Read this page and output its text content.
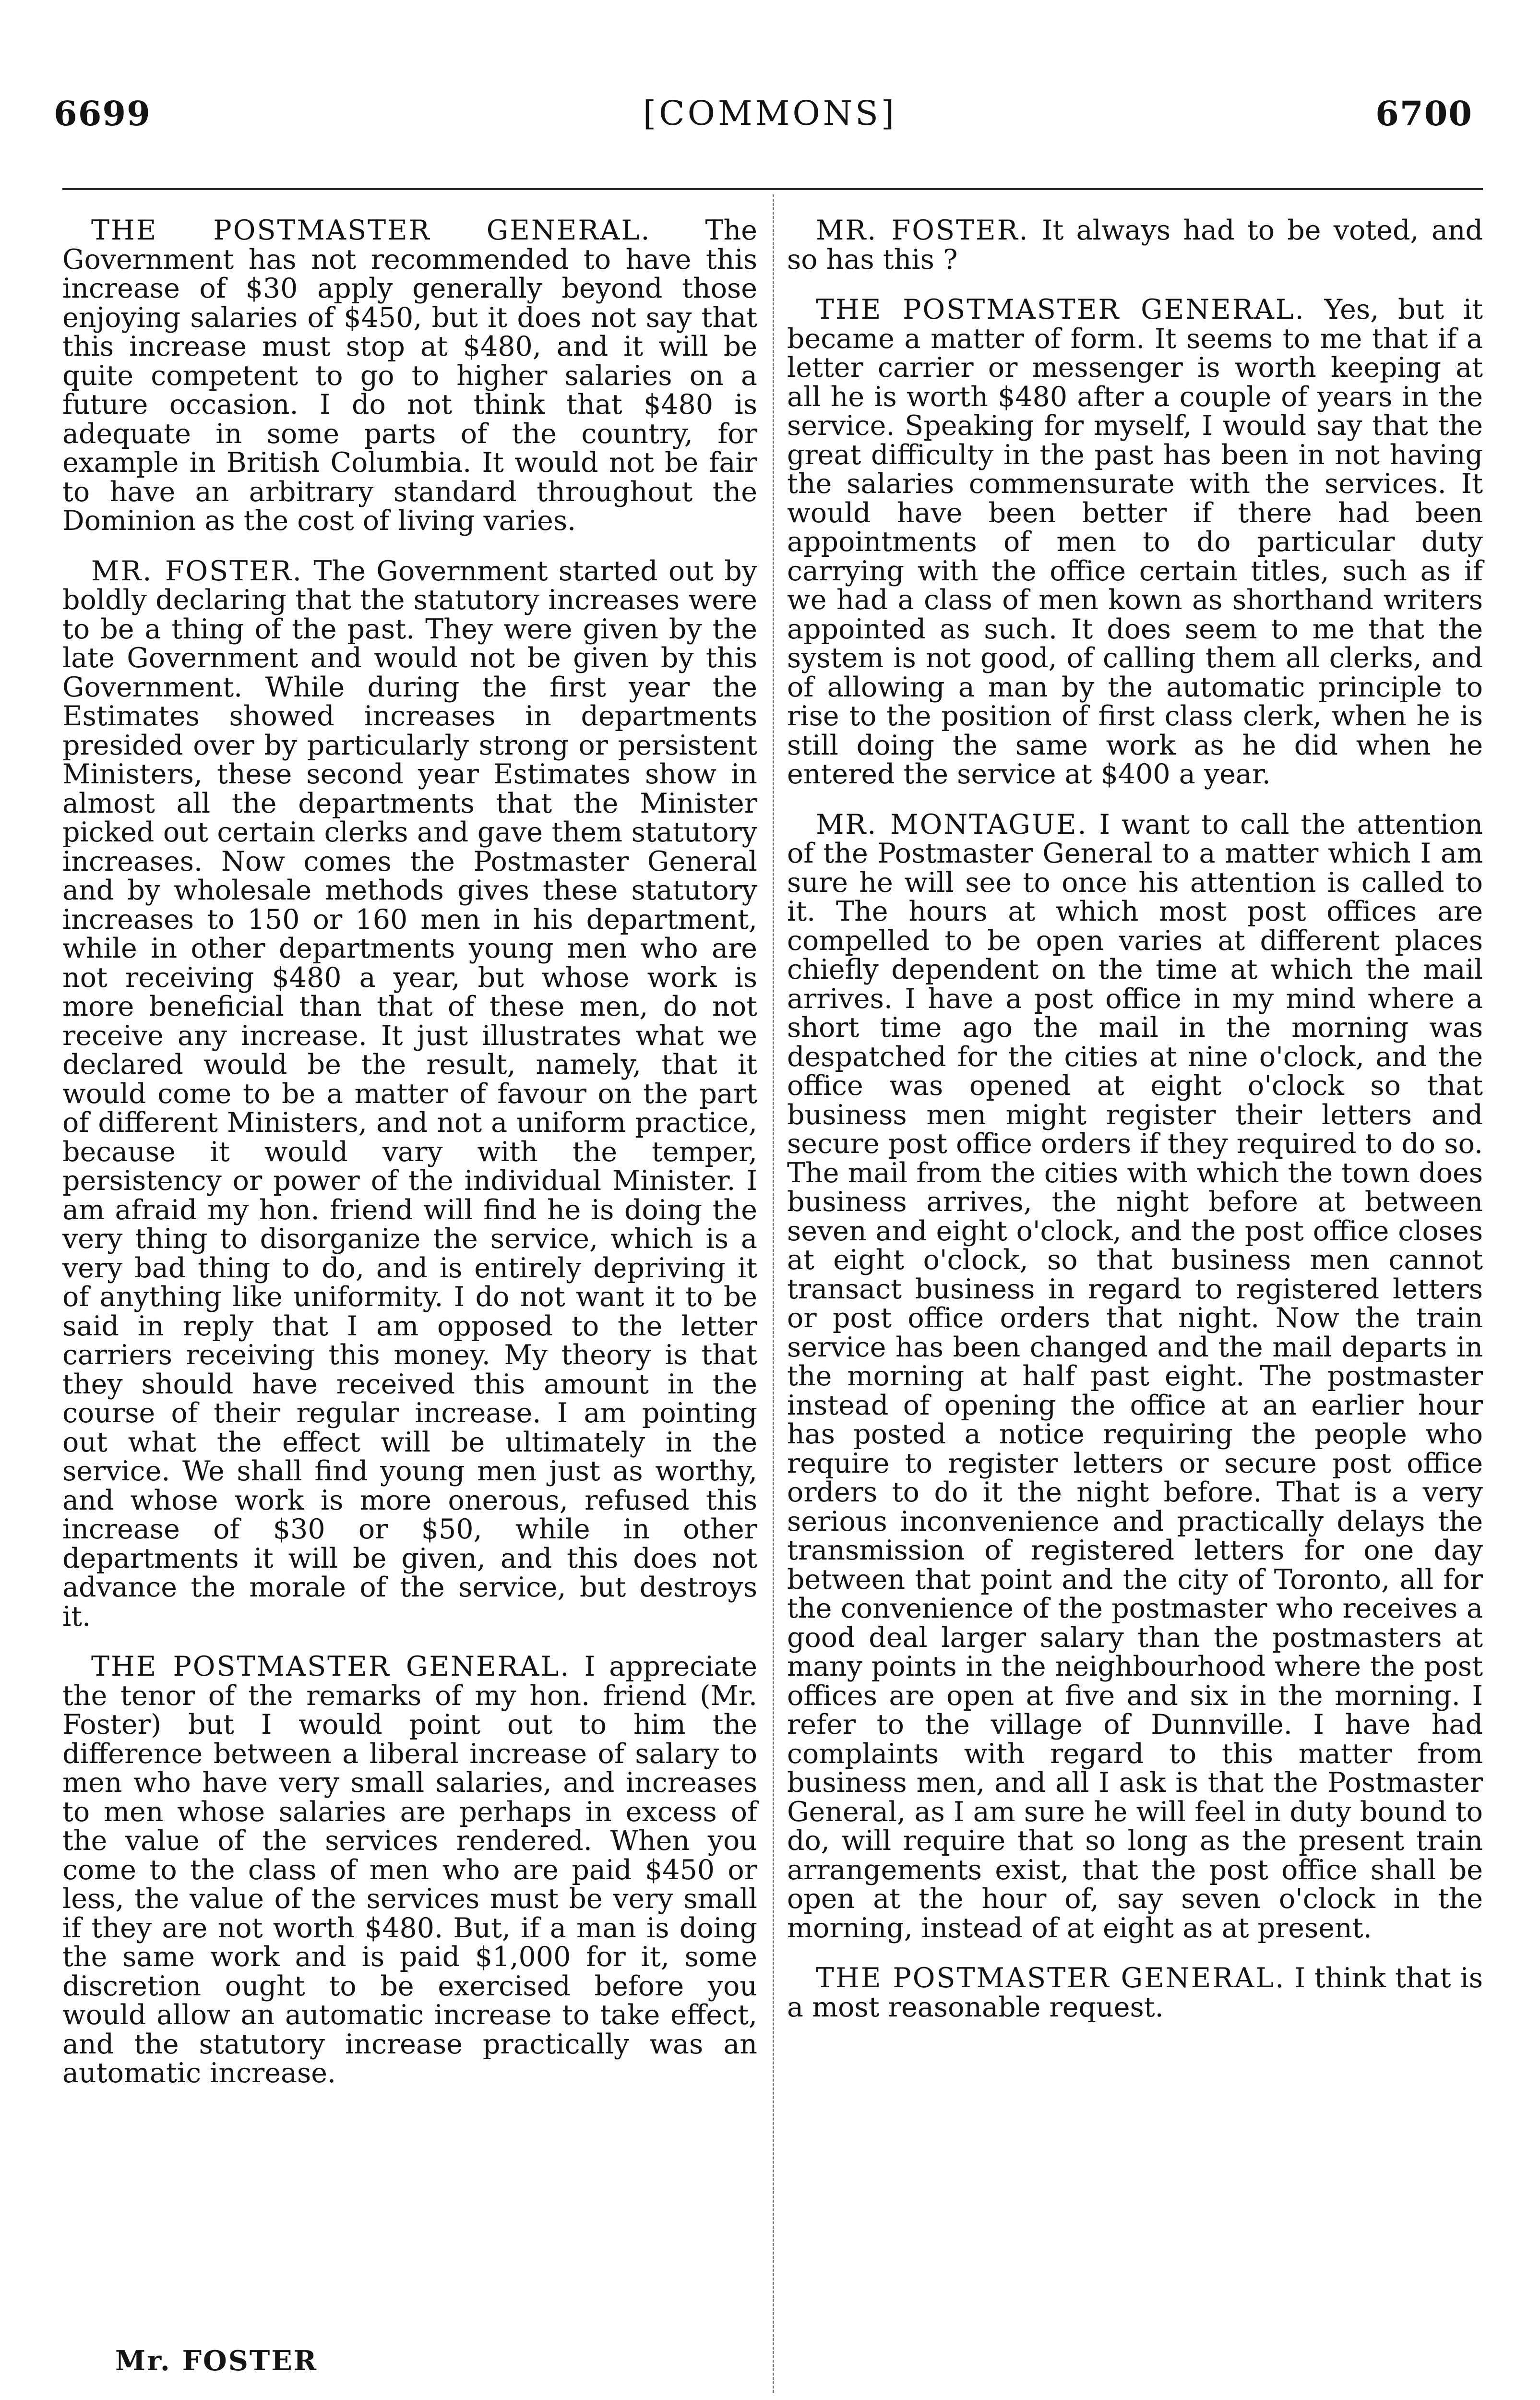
6699	[COMMONS]	6700

THE POSTMASTER GENERAL. The Government has not recommended to have this increase of $30 apply generally beyond those enjoying salaries of $450, but it does not say that this increase must stop at $480, and it will be quite competent to go to higher salaries on a future occasion. I do not think that $480 is adequate in some parts of the country, for example in British Columbia. It would not be fair to have an arbitrary standard throughout the Dominion as the cost of living varies.

MR. FOSTER. The Government started out by boldly declaring that the statutory increases were to be a thing of the past. They were given by the late Government and would not be given by this Government. While during the first year the Estimates showed increases in departments presided over by particularly strong or persistent Ministers, these second year Estimates show in almost all the departments that the Minister picked out certain clerks and gave them statutory increases. Now comes the Postmaster General and by wholesale methods gives these statutory increases to 150 or 160 men in his department, while in other departments young men who are not receiving $480 a year, but whose work is more beneficial than that of these men, do not receive any increase. It just illustrates what we declared would be the result, namely, that it would come to be a matter of favour on the part of different Ministers, and not a uniform practice, because it would vary with the temper, persistency or power of the individual Minister. I am afraid my hon. friend will find he is doing the very thing to disorganize the service, which is a very bad thing to do, and is entirely depriving it of anything like uniformity. I do not want it to be said in reply that I am opposed to the letter carriers receiving this money. My theory is that they should have received this amount in the course of their regular increase. I am pointing out what the effect will be ultimately in the service. We shall find young men just as worthy, and whose work is more onerous, refused this increase of $30 or $50, while in other departments it will be given, and this does not advance the morale of the service, but destroys it.

THE POSTMASTER GENERAL. I appreciate the tenor of the remarks of my hon. friend (Mr. Foster) but I would point out to him the difference between a liberal increase of salary to men who have very small salaries, and increases to men whose salaries are perhaps in excess of the value of the services rendered. When you come to the class of men who are paid $450 or less, the value of the services must be very small if they are not worth $480. But, if a man is doing the same work and is paid $1,000 for it, some discretion ought to be exercised before you would allow an automatic increase to take effect, and the statutory increase practically was an automatic increase.

MR. FOSTER. It always had to be voted, and so has this ?

THE POSTMASTER GENERAL. Yes, but it became a matter of form. It seems to me that if a letter carrier or messenger is worth keeping at all he is worth $480 after a couple of years in the service. Speaking for myself, I would say that the great difficulty in the past has been in not having the salaries commensurate with the services. It would have been better if there had been appointments of men to do particular duty carrying with the office certain titles, such as if we had a class of men kown as shorthand writers appointed as such. It does seem to me that the system is not good, of calling them all clerks, and of allowing a man by the automatic principle to rise to the position of first class clerk, when he is still doing the same work as he did when he entered the service at $400 a year.

MR. MONTAGUE. I want to call the attention of the Postmaster General to a matter which I am sure he will see to once his attention is called to it. The hours at which most post offices are compelled to be open varies at different places chiefly dependent on the time at which the mail arrives. I have a post office in my mind where a short time ago the mail in the morning was despatched for the cities at nine o'clock, and the office was opened at eight o'clock so that business men might register their letters and secure post office orders if they required to do so. The mail from the cities with which the town does business arrives, the night before at between seven and eight o'clock, and the post office closes at eight o'clock, so that business men cannot transact business in regard to registered letters or post office orders that night. Now the train service has been changed and the mail departs in the morning at half past eight. The postmaster instead of opening the office at an earlier hour has posted a notice requiring the people who require to register letters or secure post office orders to do it the night before. That is a very serious inconvenience and practically delays the transmission of registered letters for one day between that point and the city of Toronto, all for the convenience of the postmaster who receives a good deal larger salary than the postmasters at many points in the neighbourhood where the post offices are open at five and six in the morning. I refer to the village of Dunnville. I have had complaints with regard to this matter from business men, and all I ask is that the Postmaster General, as I am sure he will feel in duty bound to do, will require that so long as the present train arrangements exist, that the post office shall be open at the hour of, say seven o'clock in the morning, instead of at eight as at present.

THE POSTMASTER GENERAL. I think that is a most reasonable request.

Mr. FOSTER
